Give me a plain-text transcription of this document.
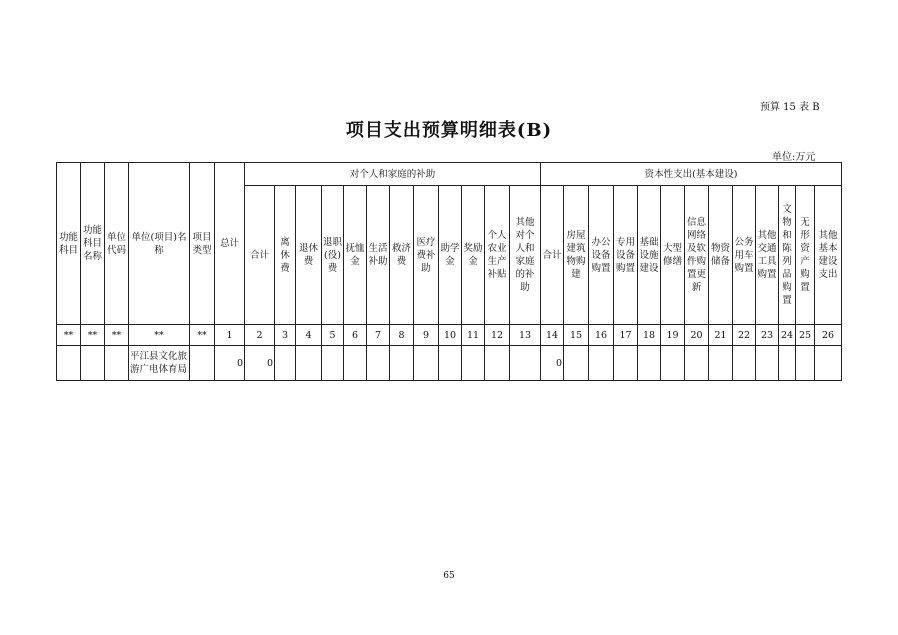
预算 15 表 B
项目支出预算明细表(B)
单位:万元
功能科目	功能科目名称	单位代码	单位(项目)名称	项目类型	总计	对个人和家庭的补助												资本性支出(基本建设)												
						合计	离休费	退休费	退职(役)费	抚恤金	生活补助	救济费	医疗费补助	助学金	奖励金	个人农业生产补贴	其他对个人和家庭的补助	合计	房屋建筑物购建	办公设备购置	专用设备购置	基础设施建设	大型修缮	信息网络及软件购置更新	物资储备	公务用车购置	其他交通工具购置	文物和陈列品购置	无形资产购置	其他基本建设支出
**	**	**	**	**	1	2	3	4	5	6	7	8	9	10	11	12	13	14	15	16	17	18	19	20	21	22	23	24	25	26
			平江县文化旅游广电体育局		0	0												0												
65
